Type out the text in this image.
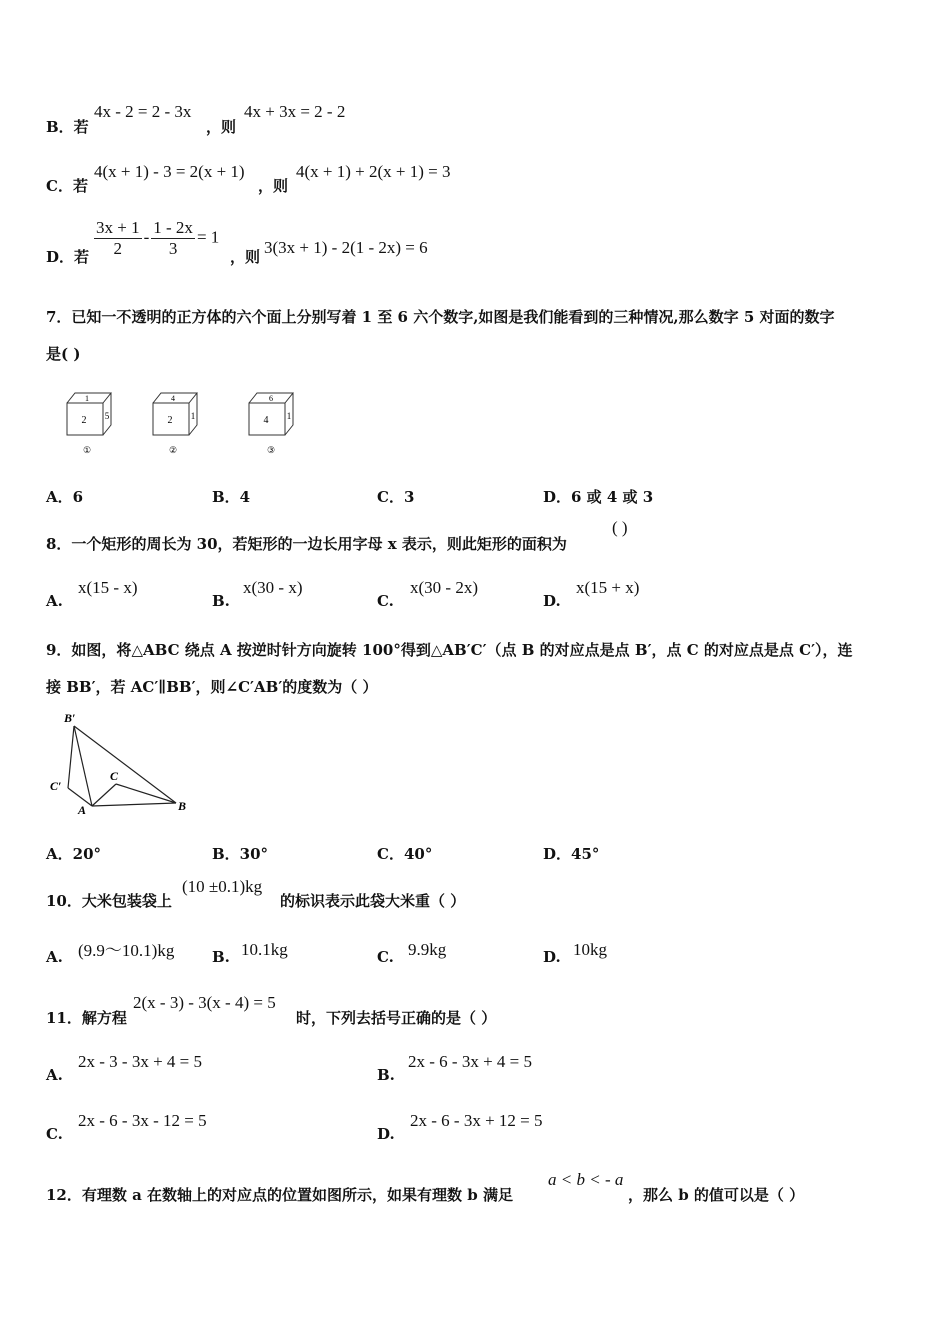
B．若
4x - 2 = 2 - 3x
，则
4x + 3x = 2 - 2
C．若
4(x + 1) - 3 = 2(x + 1)
，则
4(x + 1) + 2(x + 1) = 3
D．若 $\frac{3x + 1}{2} - \frac{1 - 2x}{3} = 1$
，则 3(3x + 1) - 2(1 - 2x) = 6
7．已知一不透明的正方体的六个面上分别写着 1 至 6 六个数字,如图是我们能看到的三种情况,那么数字 5 对面的数字
是( )
1
2 5
①
4
2 1
②
6
4 1
③
A．6	B．4	C．3	D．6 或 4 或 3
8．一个矩形的周长为 30，若矩形的一边长用字母 x 表示，则此矩形的面积为
( )
A.
x(15 - x)
B.
x(30 - x)
C.
x(30 - 2x)
D.
x(15 + x)
9．如图，将△ABC 绕点 A 按逆时针方向旋转 100°得到△AB′C′（点 B 的对应点是点 B′，点 C 的对应点是点 C′），连
接 BB′，若 AC′∥BB′，则∠C′AB′的度数为（ ）
B′
C′
C
A	B
A．20°	B．30°	C．40°	D．45°
10．大米包装袋上
(10 ±0.1)kg
的标识表示此袋大米重（ ）
A. (9.9～10.1)kg	B. 10.1kg	C. 9.9kg	D. 10kg
11．解方程
2(x - 3) - 3(x - 4) = 5
时，下列去括号正确的是（ ）
A.
2x - 3 - 3x + 4 = 5
B.
2x - 6 - 3x + 4 = 5
C.
2x - 6 - 3x - 12 = 5
D.
2x - 6 - 3x + 12 = 5
12．有理数 a 在数轴上的对应点的位置如图所示，如果有理数 b 满足
a < b < - a
，那么 b 的值可以是（ ）
